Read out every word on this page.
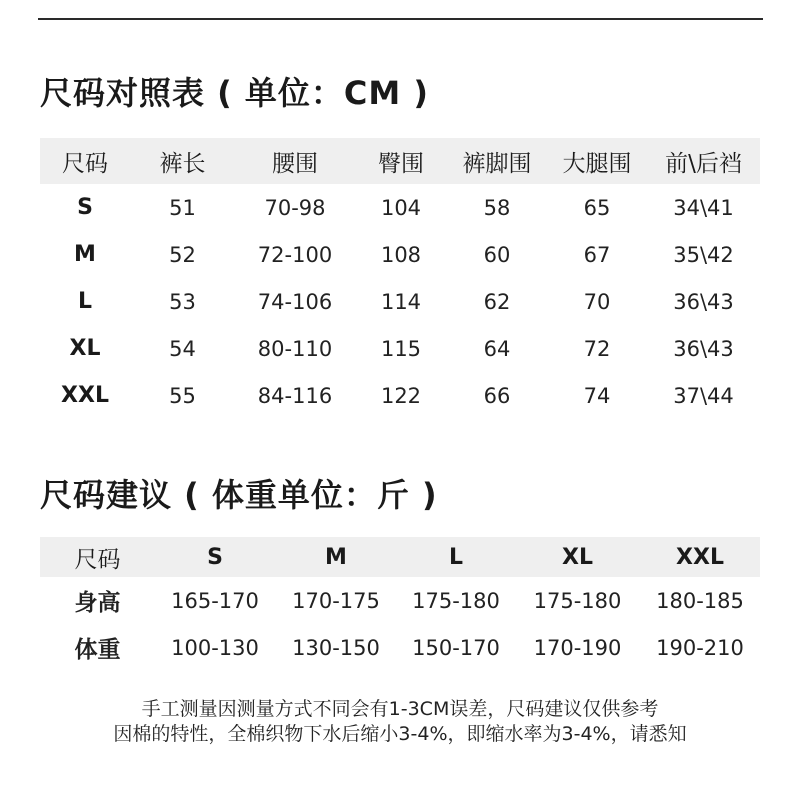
尺码对照表 ( 单位：CM )
尺码	裤长	腰围	臀围	裤脚围	大腿围	前\后裆
S	51	70-98	104	58	65	34\41
M	52	72-100	108	60	67	35\42
L	53	74-106	114	62	70	36\43
XL	54	80-110	115	64	72	36\43
XXL	55	84-116	122	66	74	37\44
尺码建议 ( 体重单位：斤 )
尺码	S	M	L	XL	XXL
身高	165-170	170-175	175-180	175-180	180-185
体重	100-130	130-150	150-170	170-190	190-210
手工测量因测量方式不同会有1-3CM误差，尺码建议仅供参考
因棉的特性，全棉织物下水后缩小3-4%，即缩水率为3-4%，请悉知
